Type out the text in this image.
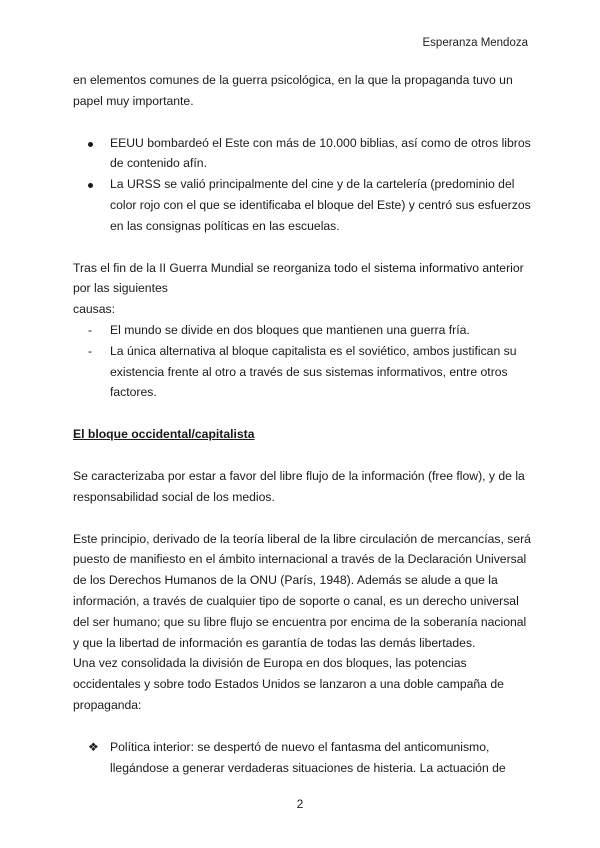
Esperanza Mendoza

en elementos comunes de la guerra psicológica, en la que la propaganda tuvo un papel muy importante.

EEUU bombardeó el Este con más de 10.000 biblias, así como de otros libros de contenido afín.
La URSS se valió principalmente del cine y de la cartelería (predominio del color rojo con el que se identificaba el bloque del Este) y centró sus esfuerzos en las consignas políticas en las escuelas.

Tras el fin de la II Guerra Mundial se reorganiza todo el sistema informativo anterior por las siguientes
causas:

-	El mundo se divide en dos bloques que mantienen una guerra fría.
-	La única alternativa al bloque capitalista es el soviético, ambos justifican su existencia frente al otro a través de sus sistemas informativos, entre otros factores.

El bloque occidental/capitalista

Se caracterizaba por estar a favor del libre flujo de la información (free flow), y de la responsabilidad social de los medios.

Este principio, derivado de la teoría liberal de la libre circulación de mercancías, será puesto de manifiesto en el ámbito internacional a través de la Declaración Universal de los Derechos Humanos de la ONU (París, 1948). Además se alude a que la información, a través de cualquier tipo de soporte o canal, es un derecho universal del ser humano; que su libre flujo se encuentra por encima de la soberanía nacional y que la libertad de información es garantía de todas las demás libertades.

Una vez consolidada la división de Europa en dos bloques, las potencias occidentales y sobre todo Estados Unidos se lanzaron a una doble campaña de propaganda:

❖ Política interior: se despertó de nuevo el fantasma del anticomunismo, llegándose a generar verdaderas situaciones de histeria. La actuación de
2
